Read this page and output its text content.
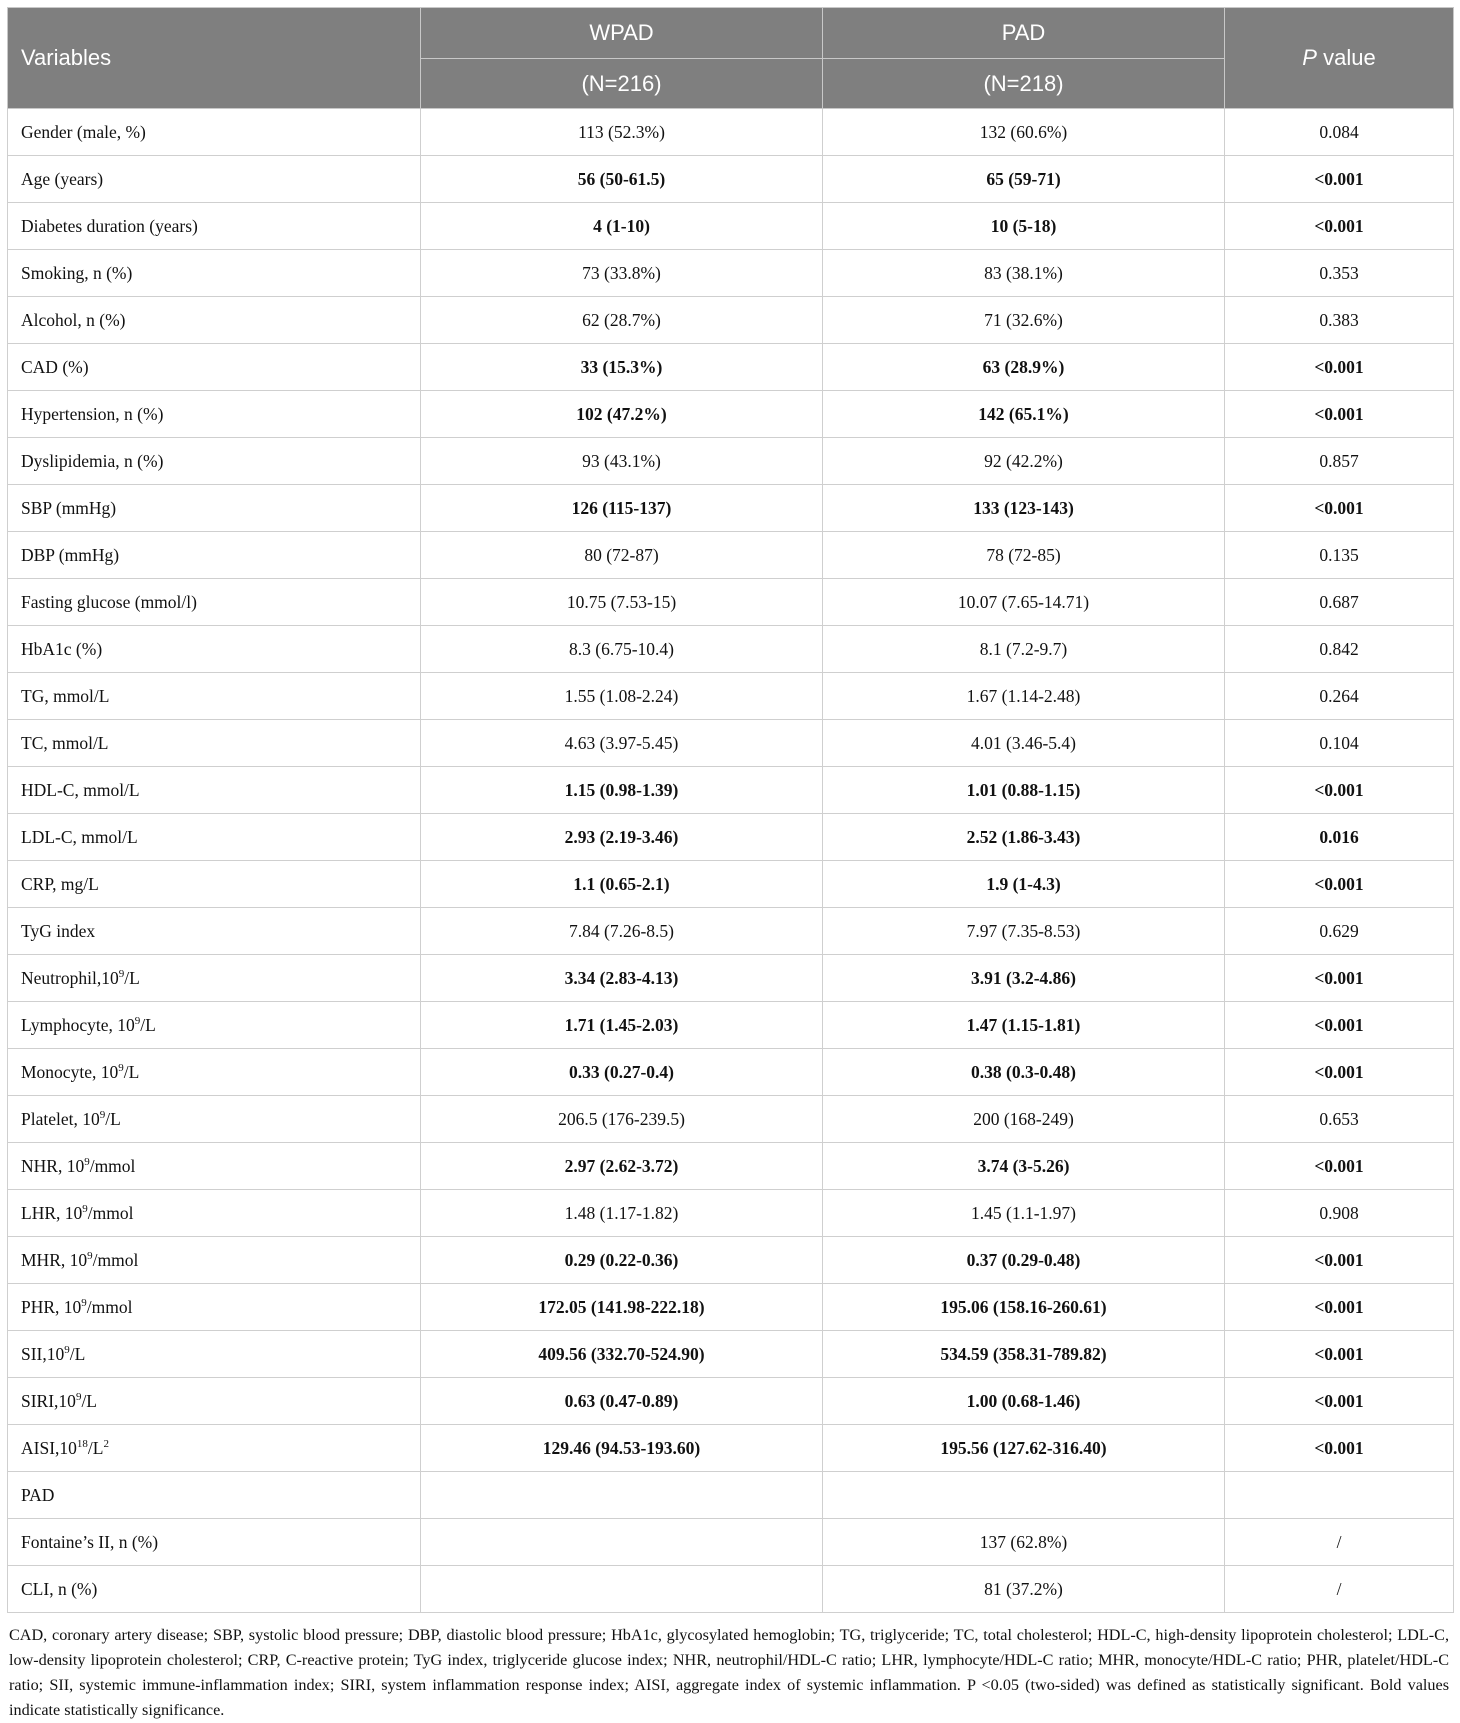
Variables	WPAD	PAD	P value
	(N=216)	(N=218)	
Gender (male, %)	113 (52.3%)	132 (60.6%)	0.084
Age (years)	56 (50-61.5)	65 (59-71)	<0.001
Diabetes duration (years)	4 (1-10)	10 (5-18)	<0.001
Smoking, n (%)	73 (33.8%)	83 (38.1%)	0.353
Alcohol, n (%)	62 (28.7%)	71 (32.6%)	0.383
CAD (%)	33 (15.3%)	63 (28.9%)	<0.001
Hypertension, n (%)	102 (47.2%)	142 (65.1%)	<0.001
Dyslipidemia, n (%)	93 (43.1%)	92 (42.2%)	0.857
SBP (mmHg)	126 (115-137)	133 (123-143)	<0.001
DBP (mmHg)	80 (72-87)	78 (72-85)	0.135
Fasting glucose (mmol/l)	10.75 (7.53-15)	10.07 (7.65-14.71)	0.687
HbA1c (%)	8.3 (6.75-10.4)	8.1 (7.2-9.7)	0.842
TG, mmol/L	1.55 (1.08-2.24)	1.67 (1.14-2.48)	0.264
TC, mmol/L	4.63 (3.97-5.45)	4.01 (3.46-5.4)	0.104
HDL-C, mmol/L	1.15 (0.98-1.39)	1.01 (0.88-1.15)	<0.001
LDL-C, mmol/L	2.93 (2.19-3.46)	2.52 (1.86-3.43)	0.016
CRP, mg/L	1.1 (0.65-2.1)	1.9 (1-4.3)	<0.001
TyG index	7.84 (7.26-8.5)	7.97 (7.35-8.53)	0.629
$Neutrophil,10^9/L$	3.34 (2.83-4.13)	3.91 (3.2-4.86)	<0.001
Lymphocyte, $10^9/L$	1.71 (1.45-2.03)	1.47 (1.15-1.81)	<0.001
Monocyte, $10^9/L$	0.33 (0.27-0.4)	0.38 (0.3-0.48)	<0.001
Platelet, $10^9/L$	206.5 (176-239.5)	200 (168-249)	0.653
NHR, $10^9$/mmol	2.97 (2.62-3.72)	3.74 (3-5.26)	<0.001
LHR, $10^9$/mmol	1.48 (1.17-1.82)	1.45 (1.1-1.97)	0.908
MHR, $10^9$/mmol	0.29 (0.22-0.36)	0.37 (0.29-0.48)	<0.001
PHR, $10^9$/mmol	172.05 (141.98-222.18)	195.06 (158.16-260.61)	<0.001
$SII,10^9/L$	409.56 (332.70-524.90)	534.59 (358.31-789.82)	<0.001
$SIRI,10^9/L$	0.63 (0.47-0.89)	1.00 (0.68-1.46)	<0.001
$AISI,10^{18}/L^2$	129.46 (94.53-193.60)	195.56 (127.62-316.40)	<0.001
PAD			
Fontaine’s II, n (%)		137 (62.8%)	/
CLI, n (%)		81 (37.2%)	/
CAD, coronary artery disease; SBP, systolic blood pressure; DBP, diastolic blood pressure; HbA1c, glycosylated hemoglobin; TG, triglyceride; TC, total cholesterol; HDL-C, high-density lipoprotein cholesterol; LDL-C, low-density lipoprotein cholesterol; CRP, C-reactive protein; TyG index, triglyceride glucose index; NHR, neutrophil/HDL-C ratio; LHR, lymphocyte/HDL-C ratio; MHR, monocyte/HDL-C ratio; PHR, platelet/HDL-C ratio; SII, systemic immune-inflammation index; SIRI, system inflammation response index; AISI, aggregate index of systemic inflammation. P <0.05 (two-sided) was defined as statistically significant. Bold values indicate statistically significance.
